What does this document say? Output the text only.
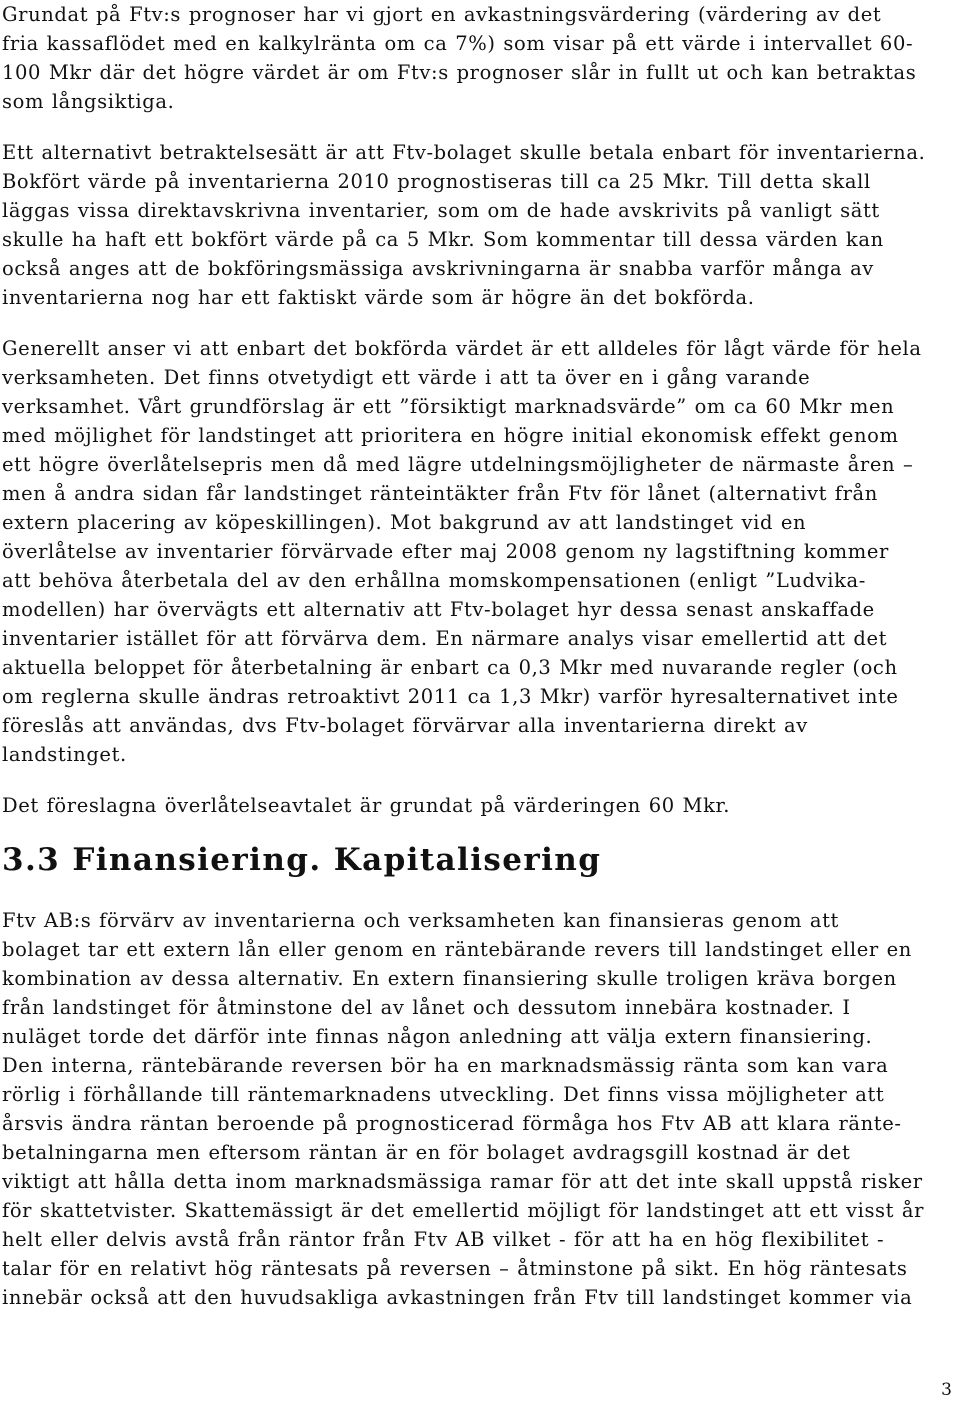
Grundat på Ftv:s prognoser har vi gjort en avkastningsvärdering (värdering av det
fria kassaflödet med en kalkylränta om ca 7%) som visar på ett värde i intervallet 60-
100 Mkr där det högre värdet är om Ftv:s prognoser slår in fullt ut och kan betraktas
som långsiktiga.

Ett alternativt betraktelsesätt är att Ftv-bolaget skulle betala enbart för inventarierna.
Bokfört värde på inventarierna 2010 prognostiseras till ca 25 Mkr. Till detta skall
läggas vissa direktavskrivna inventarier, som om de hade avskrivits på vanligt sätt
skulle ha haft ett bokfört värde på ca 5 Mkr. Som kommentar till dessa värden kan
också anges att de bokföringsmässiga avskrivningarna är snabba varför många av
inventarierna nog har ett faktiskt värde som är högre än det bokförda.

Generellt anser vi att enbart det bokförda värdet är ett alldeles för lågt värde för hela
verksamheten. Det finns otvetydigt ett värde i att ta över en i gång varande
verksamhet. Vårt grundförslag är ett ”försiktigt marknadsvärde” om ca 60 Mkr men
med möjlighet för landstinget att prioritera en högre initial ekonomisk effekt genom
ett högre överlåtelsepris men då med lägre utdelningsmöjligheter de närmaste åren –
men å andra sidan får landstinget ränteintäkter från Ftv för lånet (alternativt från
extern placering av köpeskillingen). Mot bakgrund av att landstinget vid en
överlåtelse av inventarier förvärvade efter maj 2008 genom ny lagstiftning kommer
att behöva återbetala del av den erhållna momskompensationen (enligt ”Ludvika-
modellen) har övervägts ett alternativ att Ftv-bolaget hyr dessa senast anskaffade
inventarier istället för att förvärva dem. En närmare analys visar emellertid att det
aktuella beloppet för återbetalning är enbart ca 0,3 Mkr med nuvarande regler (och
om reglerna skulle ändras retroaktivt 2011 ca 1,3 Mkr) varför hyresalternativet inte
föreslås att användas, dvs Ftv-bolaget förvärvar alla inventarierna direkt av
landstinget.

Det föreslagna överlåtelseavtalet är grundat på värderingen 60 Mkr.

3.3 Finansiering. Kapitalisering

Ftv AB:s förvärv av inventarierna och verksamheten kan finansieras genom att
bolaget tar ett extern lån eller genom en räntebärande revers till landstinget eller en
kombination av dessa alternativ. En extern finansiering skulle troligen kräva borgen
från landstinget för åtminstone del av lånet och dessutom innebära kostnader. I
nuläget torde det därför inte finnas någon anledning att välja extern finansiering.
Den interna, räntebärande reversen bör ha en marknadsmässig ränta som kan vara
rörlig i förhållande till räntemarknadens utveckling. Det finns vissa möjligheter att
årsvis ändra räntan beroende på prognosticerad förmåga hos Ftv AB att klara ränte-
betalningarna men eftersom räntan är en för bolaget avdragsgill kostnad är det
viktigt att hålla detta inom marknadsmässiga ramar för att det inte skall uppstå risker
för skattetvister. Skattemässigt är det emellertid möjligt för landstinget att ett visst år
helt eller delvis avstå från räntor från Ftv AB vilket - för att ha en hög flexibilitet -
talar för en relativt hög räntesats på reversen – åtminstone på sikt. En hög räntesats
innebär också att den huvudsakliga avkastningen från Ftv till landstinget kommer via

3
